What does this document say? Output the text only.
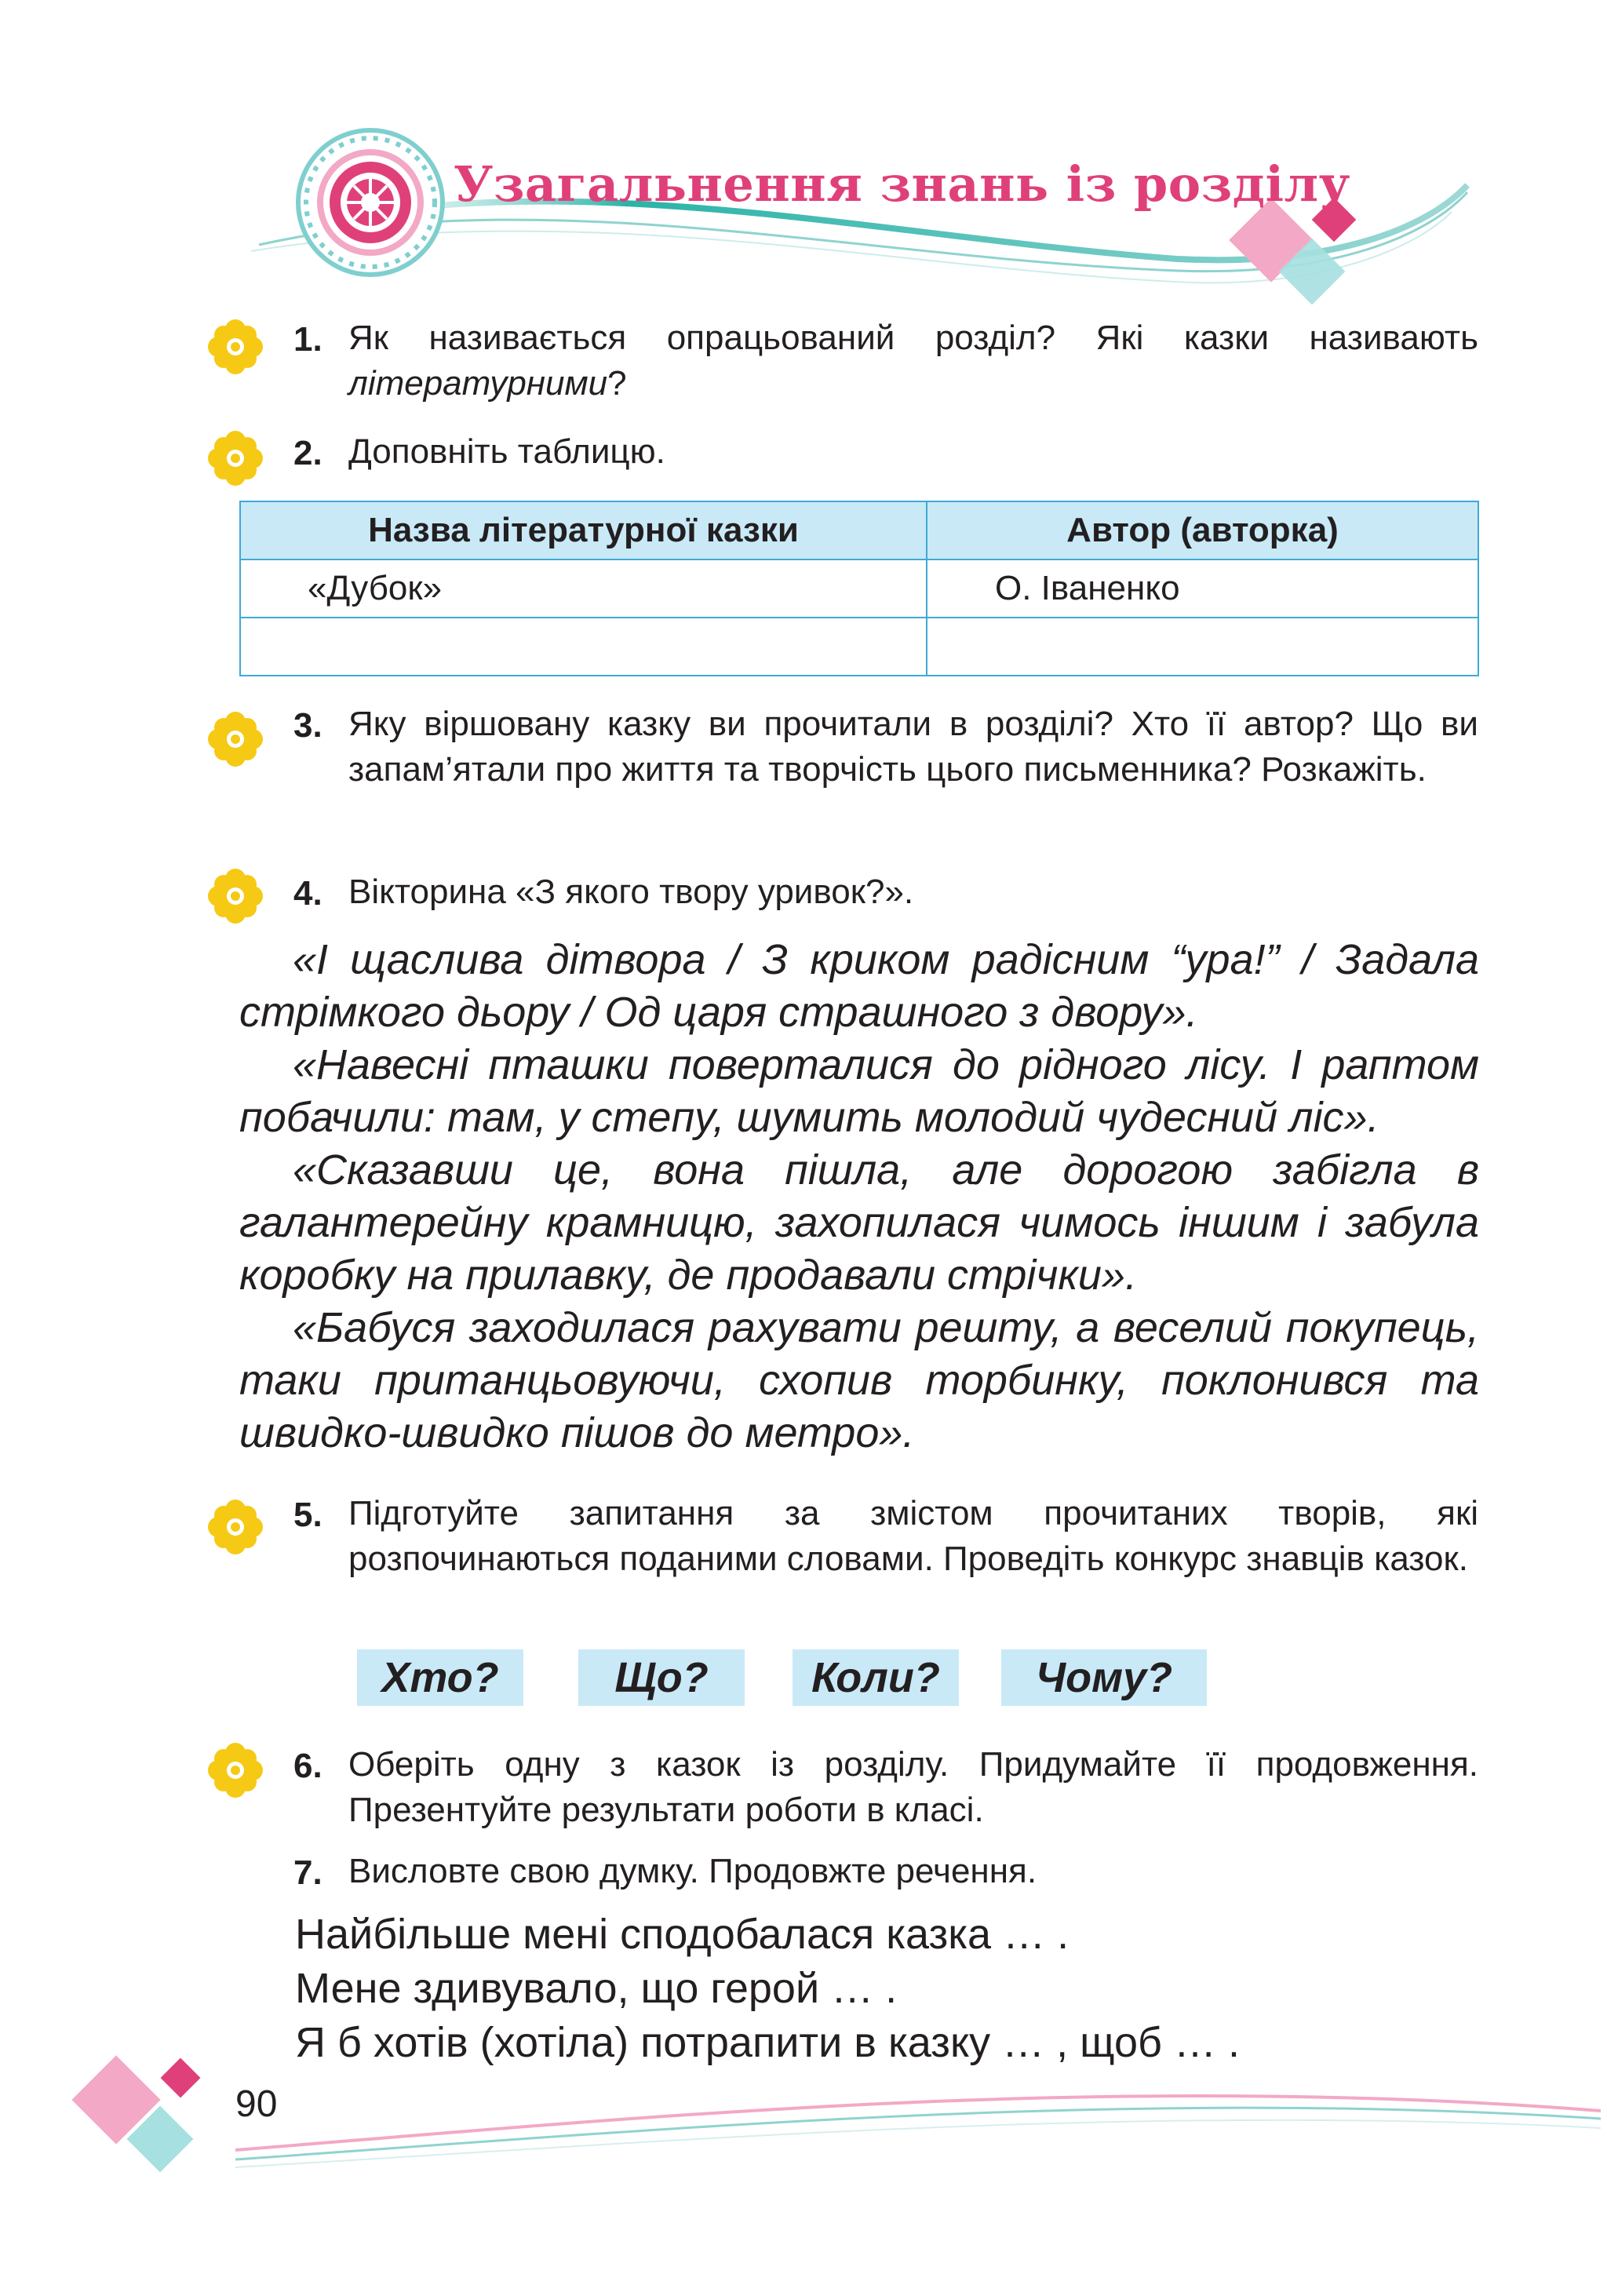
Узагальнення знань із розділу
1. Як називається опрацьований розділ? Які казки називають літературними?
2. Доповніть таблицю.
Назва літературної казки	Автор (авторка)
«Дубок»	О. Іваненко

3. Яку віршовану казку ви прочитали в розділі? Хто її автор? Що ви запам’ятали про життя та творчість цього письменника? Розкажіть.
4. Вікторина «З якого твору уривок?».

«І щаслива дітвора / З криком радісним “ура!” / Задала стрімкого дьору / Од царя страшного з двору».

«Навесні пташки поверталися до рідного лісу. І раптом побачили: там, у степу, шумить молодий чудесний ліс».

«Сказавши це, вона пішла, але дорогою забігла в галантерейну крамницю, захопилася чимось іншим і забула коробку на прилавку, де продавали стрічки».

«Бабуся заходилася рахувати решту, а веселий покупець, таки пританцьовуючи, схопив торбинку, поклонився та швидко-швидко пішов до метро».

5. Підготуйте запитання за змістом прочитаних творів, які розпочинаються поданими словами. Проведіть конкурс знавців казок.
Хто?	Що?	Коли?	Чому?
6. Оберіть одну з казок із розділу. Придумайте її продовження. Презентуйте результати роботи в класі.
7. Висловте свою думку. Продовжте речення.
Найбільше мені сподобалася казка … .
Мене здивувало, що герой … .
Я б хотів (хотіла) потрапити в казку … , щоб … .
90
